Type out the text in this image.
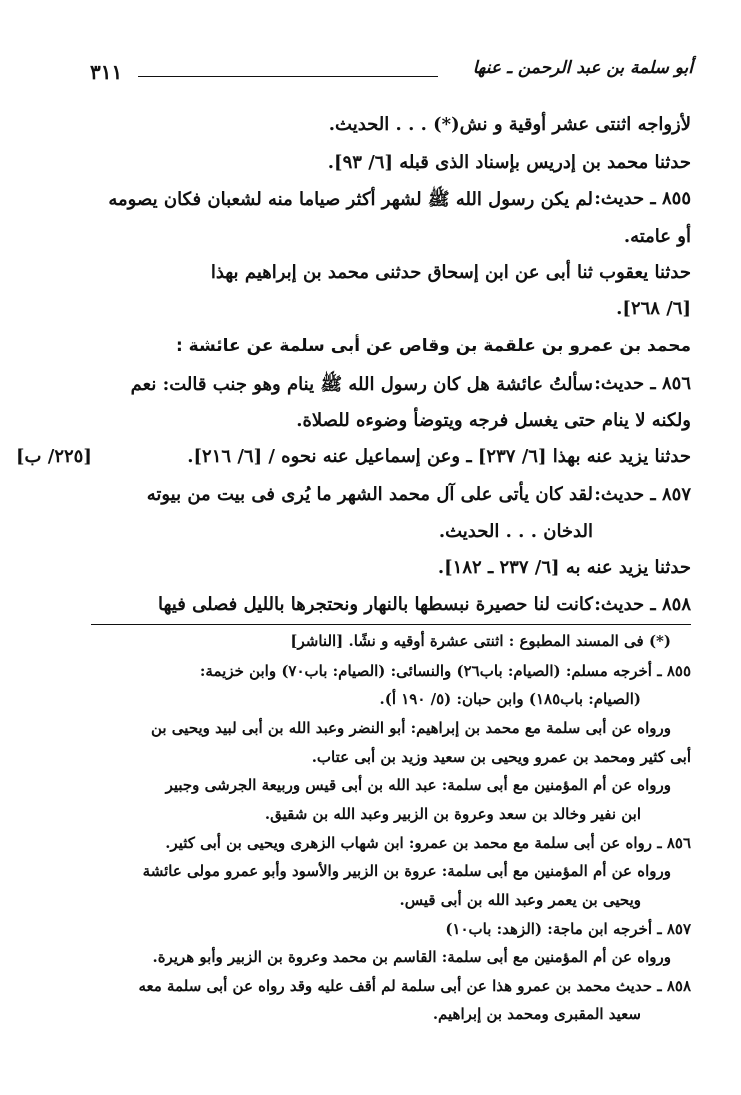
أبو سلمة بن عبد الرحمن ـ عنها
٣١١
لأزواجه اثنتى عشر أوقية و نش(*) . . . الحديث.
حدثنا محمد بن إدريس بإسناد الذى قبله [٦/ ٩٣].
٨٥٥ ـ حديث:
لم يكن رسول الله ﷺ لشهر أكثر صياما منه لشعبان فكان يصومه
أو عامته.
حدثنا يعقوب ثنا أبى عن ابن إسحاق حدثنى محمد بن إبراهيم بهذا
[٦/ ٢٦٨].
محمد بن عمرو بن علقمة بن وقاص عن أبى سلمة عن عائشة :
٨٥٦ ـ حديث:
سألتُ عائشة هل كان رسول الله ﷺ ينام وهو جنب قالت: نعم
ولكنه لا ينام حتى يغسل فرجه ويتوضأ وضوءه للصلاة.
حدثنا يزيد عنه بهذا [٦/ ٢٣٧] ـ وعن إسماعيل عنه نحوه / [٦/ ٢١٦].
[٢٢٥/ ب]
٨٥٧ ـ حديث:
لقد كان يأتى على آل محمد الشهر ما يُرى فى بيت من بيوته
الدخان . . . الحديث.
حدثنا يزيد عنه به [٦/ ٢٣٧ ـ ١٨٢].
٨٥٨ ـ حديث:
كانت لنا حصيرة نبسطها بالنهار ونحتجرها بالليل فصلى فيها
(*) فى المسند المطبوع : اثنتى عشرة أوقيه و نشًا. [الناشر]
٨٥٥ ـ أخرجه مسلم: (الصيام: باب٢٦) والنسائى: (الصيام: باب٧٠) وابن خزيمة:
(الصيام: باب١٨٥) وابن حبان: (٥/ ١٩٠ أ).
ورواه عن أبى سلمة مع محمد بن إبراهيم: أبو النضر وعبد الله بن أبى لبيد ويحيى بن
أبى كثير ومحمد بن عمرو ويحيى بن سعيد وزيد بن أبى عتاب.
ورواه عن أم المؤمنين مع أبى سلمة: عبد الله بن أبى قيس وربيعة الجرشى وجبير
ابن نفير وخالد بن سعد وعروة بن الزبير وعبد الله بن شقيق.
٨٥٦ ـ رواه عن أبى سلمة مع محمد بن عمرو: ابن شهاب الزهرى ويحيى بن أبى كثير.
ورواه عن أم المؤمنين مع أبى سلمة: عروة بن الزبير والأسود وأبو عمرو مولى عائشة
ويحيى بن يعمر وعبد الله بن أبى قيس.
٨٥٧ ـ أخرجه ابن ماجة: (الزهد: باب١٠)
ورواه عن أم المؤمنين مع أبى سلمة: القاسم بن محمد وعروة بن الزبير وأبو هريرة.
٨٥٨ ـ حديث محمد بن عمرو هذا عن أبى سلمة لم أقف عليه وقد رواه عن أبى سلمة معه
سعيد المقبرى ومحمد بن إبراهيم.
